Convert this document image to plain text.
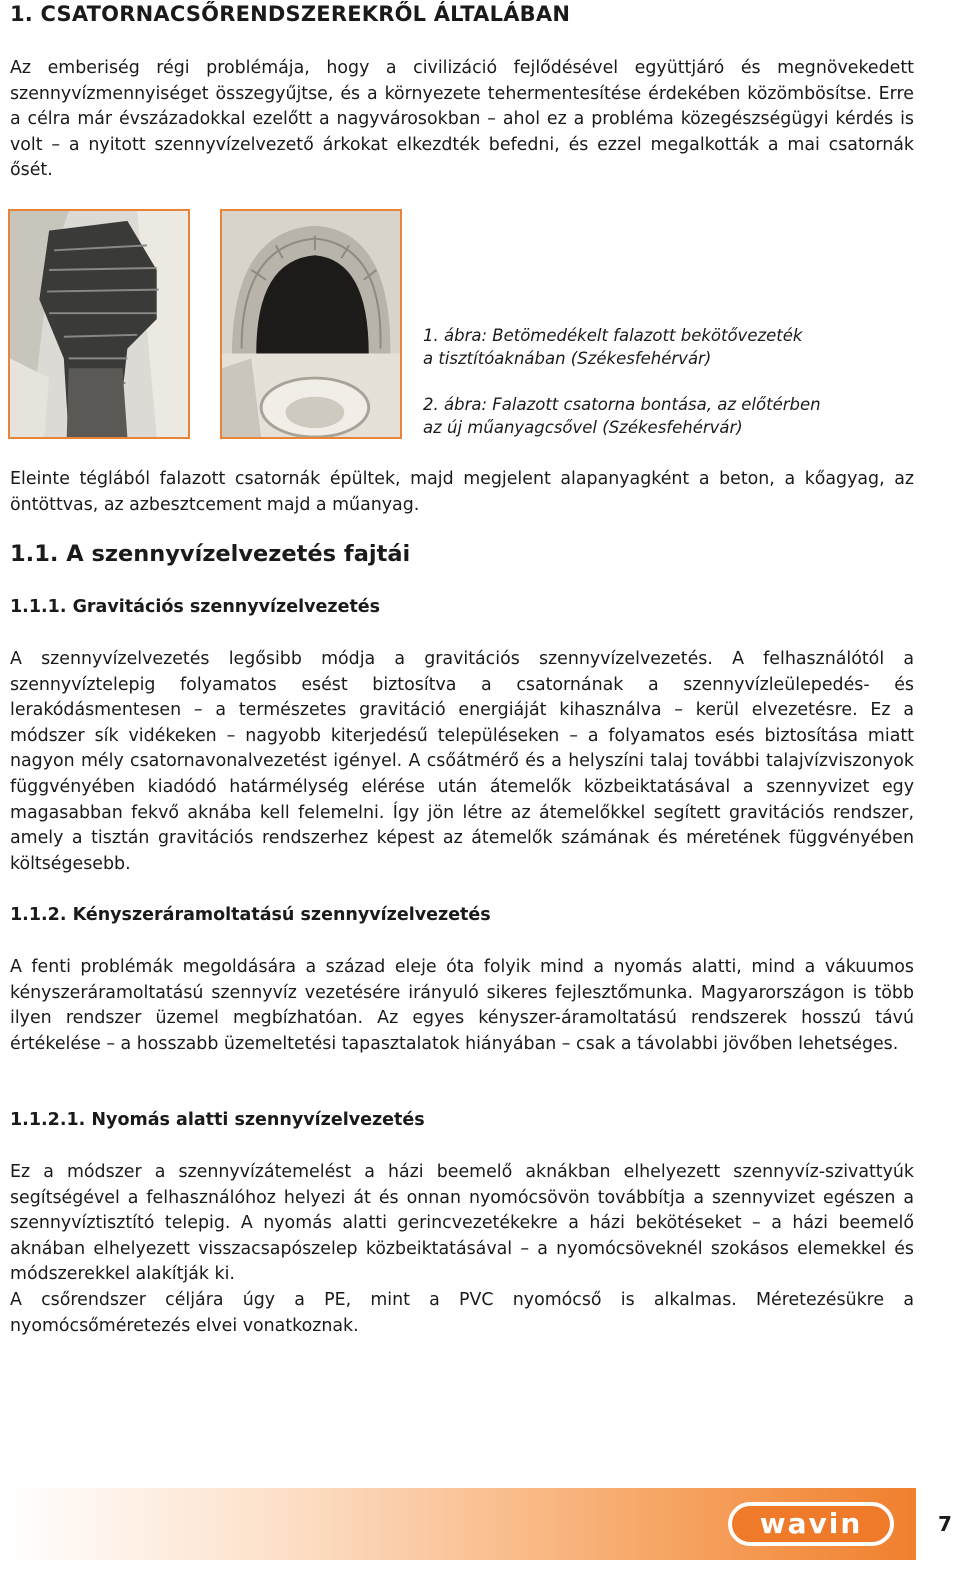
1. CSATORNACSŐRENDSZEREKRŐL ÁLTALÁBAN

Az emberiség régi problémája, hogy a civilizáció fejlődésével együttjáró és megnövekedett szennyvízmennyiséget összegyűjtse, és a környezete tehermentesítése érdekében közömbösítse. Erre a célra már évszázadokkal ezelőtt a nagyvárosokban – ahol ez a probléma közegészségügyi kérdés is volt – a nyitott szennyvízelvezető árkokat elkezdték befedni, és ezzel megalkották a mai csatornák ősét.

1. ábra: Betömedékelt falazott bekötővezeték
a tisztítóaknában (Székesfehérvár)
2. ábra: Falazott csatorna bontása, az előtérben
az új műanyagcsővel (Székesfehérvár)

Eleinte téglából falazott csatornák épültek, majd megjelent alapanyagként a beton, a kőagyag, az öntöttvas, az azbesztcement majd a műanyag.

1.1. A szennyvízelvezetés fajtái
1.1.1. Gravitációs szennyvízelvezetés

A szennyvízelvezetés legősibb módja a gravitációs szennyvízelvezetés. A felhasználótól a szennyvíztelepig folyamatos esést biztosítva a csatornának a szennyvízleülepedés- és lerakódásmentesen – a természetes gravitáció energiáját kihasználva – kerül elvezetésre. Ez a módszer sík vidékeken – nagyobb kiterjedésű településeken – a folyamatos esés biztosítása miatt nagyon mély csatornavonalvezetést igényel. A csőátmérő és a helyszíni talaj további talajvízviszonyok függvényében kiadódó határmélység elérése után átemelők közbeiktatásával a szennyvizet egy magasabban fekvő aknába kell felemelni. Így jön létre az átemelőkkel segített gravitációs rendszer, amely a tisztán gravitációs rendszerhez képest az átemelők számának és méretének függvényében költségesebb.

1.1.2. Kényszeráramoltatású szennyvízelvezetés

A fenti problémák megoldására a század eleje óta folyik mind a nyomás alatti, mind a vákuumos kényszeráramoltatású szennyvíz vezetésére irányuló sikeres fejlesztőmunka. Magyarországon is több ilyen rendszer üzemel megbízhatóan. Az egyes kényszer-áramoltatású rendszerek hosszú távú értékelése – a hosszabb üzemeltetési tapasztalatok hiányában – csak a távolabbi jövőben lehetséges.

1.1.2.1. Nyomás alatti szennyvízelvezetés

Ez a módszer a szennyvízátemelést a házi beemelő aknákban elhelyezett szennyvíz-szivattyúk segítségével a felhasználóhoz helyezi át és onnan nyomócsövön továbbítja a szennyvizet egészen a szennyvíztisztító telepig. A nyomás alatti gerincvezetékekre a házi bekötéseket – a házi beemelő aknában elhelyezett visszacsapószelep közbeiktatásával – a nyomócsöveknél szokásos elemekkel és módszerekkel alakítják ki.

A csőrendszer céljára úgy a PE, mint a PVC nyomócső is alkalmas. Méretezésükre a nyomócsőméretezés elvei vonatkoznak.

wavin	7
